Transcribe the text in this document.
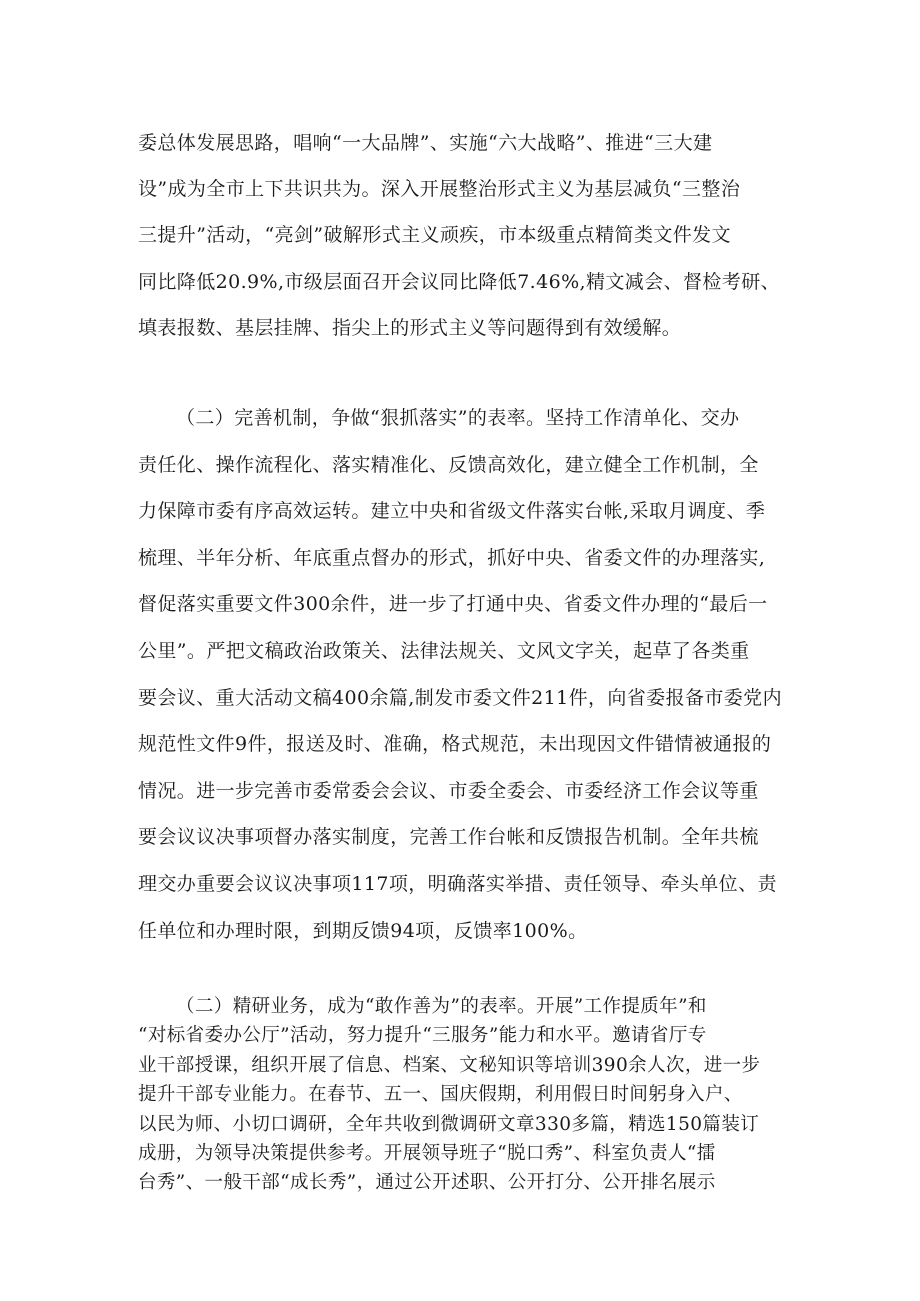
委总体发展思路，唱响“一大品牌”、实施“六大战略”、推进“三大建
设”成为全市上下共识共为。深入开展整治形式主义为基层减负“三整治
三提升”活动，“亮剑”破解形式主义顽疾，市本级重点精简类文件发文
同比降低20.9%,市级层面召开会议同比降低7.46%,精文减会、督检考研、
填表报数、基层挂牌、指尖上的形式主义等问题得到有效缓解。
（二）完善机制，争做“狠抓落实”的表率。坚持工作清单化、交办
责任化、操作流程化、落实精准化、反馈高效化，建立健全工作机制，全
力保障市委有序高效运转。建立中央和省级文件落实台帐,采取月调度、季
梳理、半年分析、年底重点督办的形式，抓好中央、省委文件的办理落实,
督促落实重要文件300余件，进一步了打通中央、省委文件办理的“最后一
公里”。严把文稿政治政策关、法律法规关、文风文字关，起草了各类重
要会议、重大活动文稿400余篇,制发市委文件211件，向省委报备市委党内
规范性文件9件，报送及时、准确，格式规范，未出现因文件错情被通报的
情况。进一步完善市委常委会会议、市委全委会、市委经济工作会议等重
要会议议决事项督办落实制度，完善工作台帐和反馈报告机制。全年共梳
理交办重要会议议决事项117项，明确落实举措、责任领导、牵头单位、责
任单位和办理时限，到期反馈94项，反馈率100%。
（二）精研业务，成为“敢作善为”的表率。开展”工作提质年”和
“对标省委办公厅”活动，努力提升“三服务”能力和水平。邀请省厅专
业干部授课，组织开展了信息、档案、文秘知识等培训390余人次，进一步
提升干部专业能力。在春节、五一、国庆假期，利用假日时间躬身入户、
以民为师、小切口调研，全年共收到微调研文章330多篇，精选150篇装订
成册，为领导决策提供参考。开展领导班子“脱口秀”、科室负责人“擂
台秀”、一般干部“成长秀”，通过公开述职、公开打分、公开排名展示
